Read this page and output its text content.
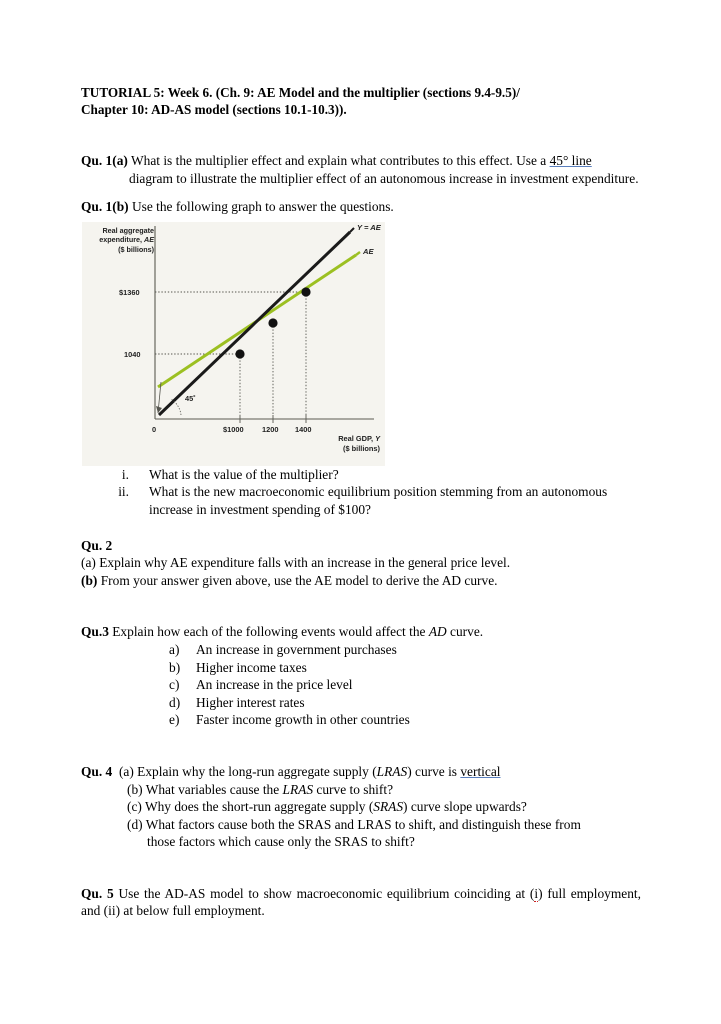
TUTORIAL 5: Week 6. (Ch. 9: AE Model and the multiplier (sections 9.4-9.5)/
Chapter 10: AD-AS model (sections 10.1-10.3)).

Qu. 1(a) What is the multiplier effect and explain what contributes to this effect. Use a 45° line
diagram to illustrate the multiplier effect of an autonomous increase in investment expenditure.

Qu. 1(b) Use the following graph to answer the questions.

Real aggregate
expenditure, AE
($ billions)
$1360
1040
0	$1000 1200 1400
Real GDP, Y
($ billions)
Y = AE
AE
45˚
i. What is the value of the multiplier?
ii. What is the new macroeconomic equilibrium position stemming from an autonomous increase in investment spending of $100?

Qu. 2

(a) Explain why AE expenditure falls with an increase in the general price level.

(b) From your answer given above, use the AE model to derive the AD curve.

Qu.3 Explain how each of the following events would affect the AD curve.

a)	An increase in government purchases
b)	Higher income taxes
c)	An increase in the price level
d)	Higher interest rates
e)	Faster income growth in other countries

Qu. 4 (a) Explain why the long-run aggregate supply (LRAS) curve is vertical

(b) What variables cause the LRAS curve to shift?
(c) Why does the short-run aggregate supply (SRAS) curve slope upwards?
(d) What factors cause both the SRAS and LRAS to shift, and distinguish these from
those factors which cause only the SRAS to shift?

Qu. 5 Use the AD-AS model to show macroeconomic equilibrium coinciding at (i) full employment, and (ii) at below full employment.
